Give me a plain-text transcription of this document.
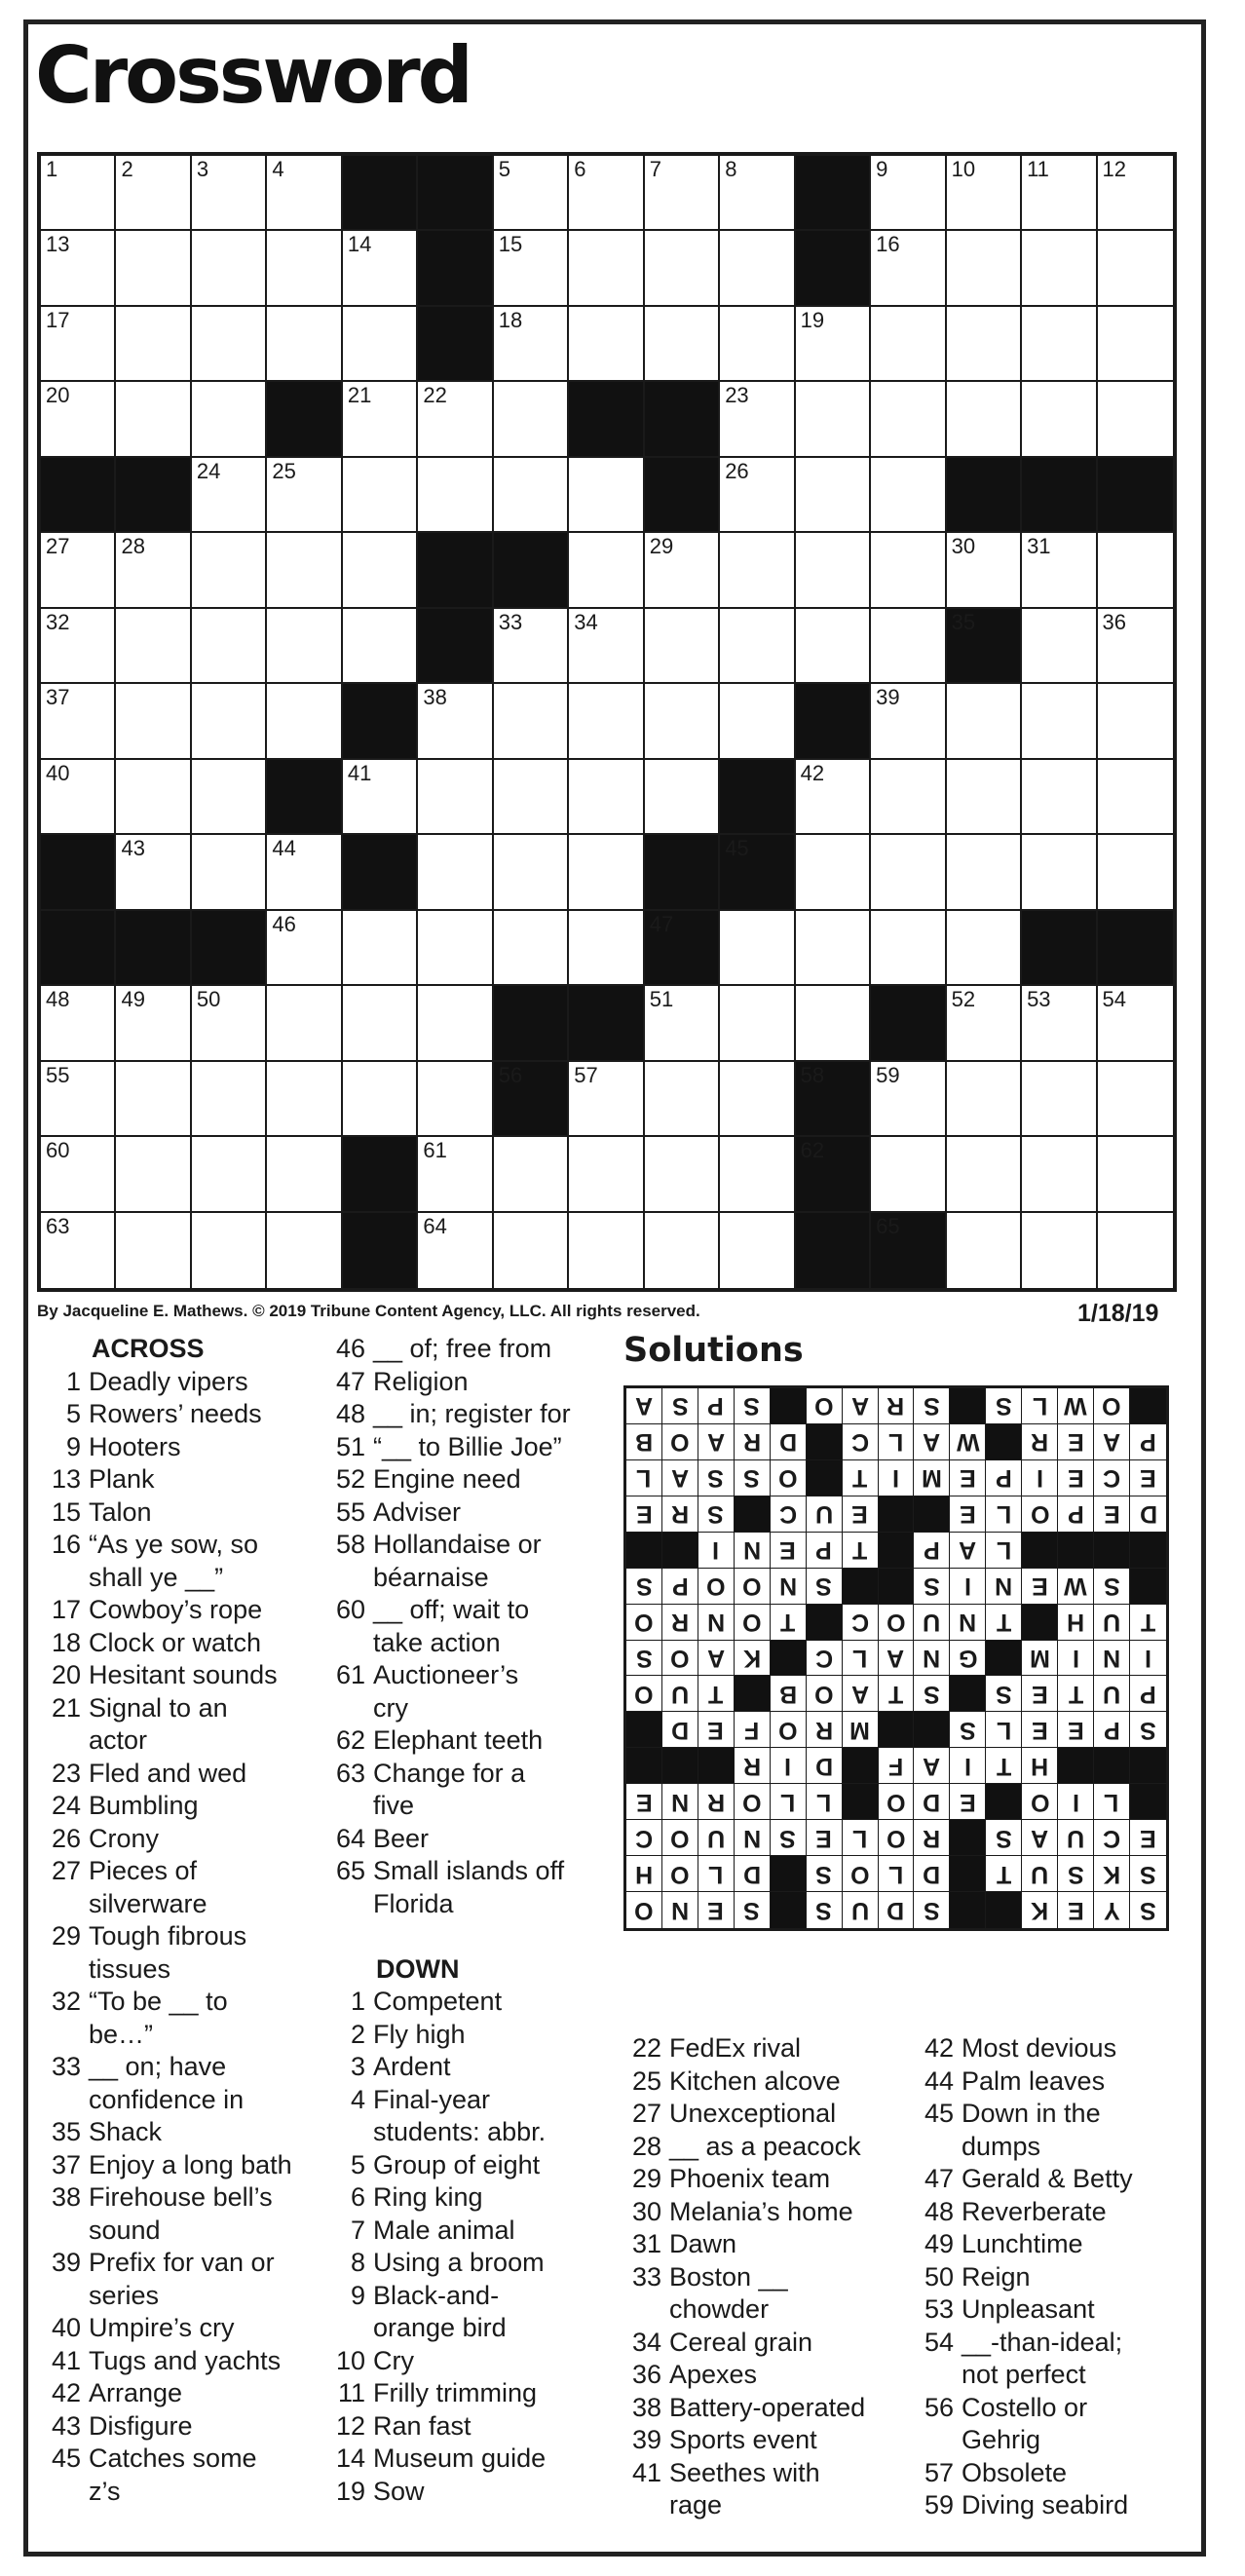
Crossword
1	2	3	4	5	6	7	8	9	10 11 12
13	14	15	16
17	18	19
20	21 22	23
24 25	26
27 28	29	30 31
32	33 34	35	36
37	38	39
40	41	42
43	44	45
46	47
48 49 50	51	52 53 54
55	56 57	58 59
60	61	62
63	64	65
By Jacqueline E. Mathews. © 2019 Tribune Content Agency, LLC. All rights reserved.	1/18/19
ACROSS
1 Deadly vipers
5 Rowers’ needs
9 Hooters
13 Plank
15 Talon
16 “As ye sow, so
shall ye __”
17 Cowboy’s rope
18 Clock or watch
20 Hesitant sounds
21 Signal to an
actor
23 Fled and wed
24 Bumbling
26 Crony
27 Pieces of
silverware
29 Tough fibrous
tissues
32 “To be __ to
be…”
33 __ on; have
confidence in
35 Shack
37 Enjoy a long bath
38 Firehouse bell’s
sound
39 Prefix for van or
series
40 Umpire’s cry
41 Tugs and yachts
42 Arrange
43 Disfigure
45 Catches some
z’s
46 __ of; free from
47 Religion
48 __ in; register for
51 “__ to Billie Joe”
52 Engine need
55 Adviser
58 Hollandaise or
béarnaise
60 __ off; wait to
take action
61 Auctioneer’s
cry
62 Elephant teeth
63 Change for a
five
64 Beer
65 Small islands off
Florida
DOWN
1 Competent
2 Fly high
3 Ardent
4 Final-year
students: abbr.
5 Group of eight
6 Ring king
7 Male animal
8 Using a broom
9 Black-and-
orange bird
10 Cry
11 Frilly trimming
12 Ran fast
14 Museum guide
19 Sow
22 FedEx rival
25 Kitchen alcove
27 Unexceptional
28 __ as a peacock
29 Phoenix team
30 Melania’s home
31 Dawn
33 Boston __
chowder
34 Cereal grain
36 Apexes
38 Battery-operated
39 Sports event
41 Seethes with
rage
42 Most devious
44 Palm leaves
45 Down in the
dumps
47 Gerald & Betty
48 Reverberate
49 Lunchtime
50 Reign
53 Unpleasant
54 __-than-ideal;
not perfect
56 Costello or
Gehrig
57 Obsolete
59 Diving seabird
Solutions
A S P S O A R S S L W O
B O A R D C L A W R E A P
L A S S O T I M E P I E C E
E R S C U E	E L O P E D
I N E P T P A L
S P O O N S	S I N E W S
O R N O T C O U N T H U T
S O A K C L A N G M I N I
O U T B O A T S S E T U P
D E F O R M	S L E E P S
R I D F A I T H
E N R O L L O D E O I L
C O U N S E L O R S A U C E
H O L D S O L D T U S K S
O N E S S U D S	K E Y S
